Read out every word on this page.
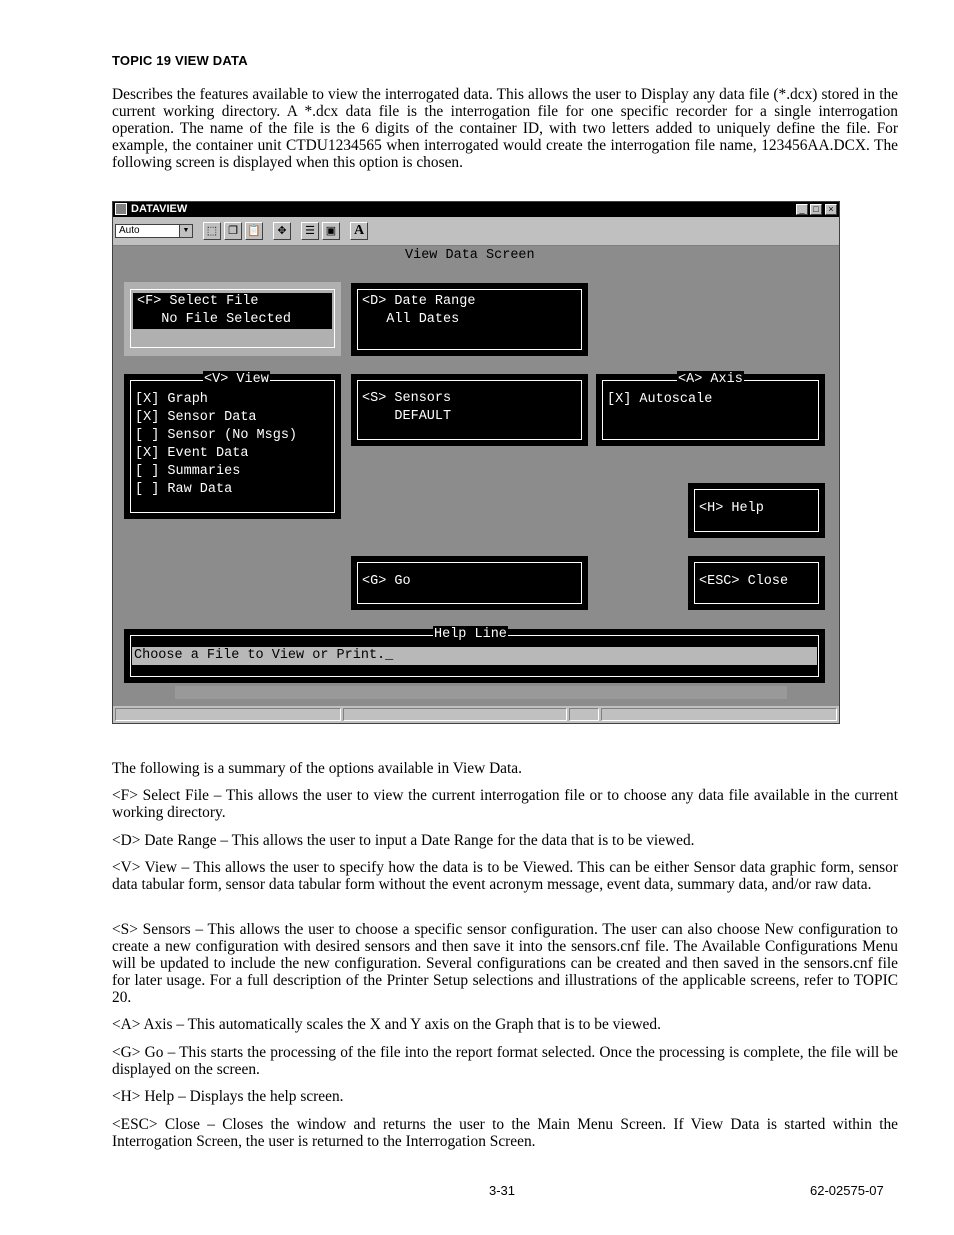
TOPIC 19 VIEW DATA

Describes the features available to view the interrogated data. This allows the user to Display any data file (*.dcx) stored in the current working directory. A *.dcx data file is the interrogation file for one specific recorder for a single interrogation operation. The name of the file is the 6 digits of the container ID, with two letters added to uniquely define the file. For example, the container unit CTDU1234565 when interrogated would create the interrogation file name, 123456AA.DCX. The following screen is displayed when this option is chosen.

DATAVIEW	_ □	×
Auto	▼	⬚ ❐ 📋	✥	☰ ▣ A
View Data Screen
<F> Select File
No File Selected
<D> Date Range
All Dates
<V> View
[X] Graph
[X] Sensor Data
[ ] Sensor (No Msgs)
[X] Event Data
[ ] Summaries
[ ] Raw Data
<S> Sensors
DEFAULT
<A> Axis
[X] Autoscale
<H> Help
<G> Go	<ESC> Close
Help Line
Choose a File to View or Print._

The following is a summary of the options available in View Data.

<F> Select File – This allows the user to view the current interrogation file or to choose any data file available in the current working directory.

<D> Date Range – This allows the user to input a Date Range for the data that is to be viewed.

<V> View – This allows the user to specify how the data is to be Viewed. This can be either Sensor data graphic form, sensor data tabular form, sensor data tabular form without the event acronym message, event data, summary data, and/or raw data.

<S> Sensors – This allows the user to choose a specific sensor configuration. The user can also choose New configuration to create a new configuration with desired sensors and then save it into the sensors.cnf file. The Available Configurations Menu will be updated to include the new configuration. Several configurations can be created and then saved in the sensors.cnf file for later usage. For a full description of the Printer Setup selections and illustrations of the applicable screens, refer to TOPIC 20.

<A> Axis – This automatically scales the X and Y axis on the Graph that is to be viewed.

<G> Go – This starts the processing of the file into the report format selected. Once the processing is complete, the file will be displayed on the screen.

<H> Help – Displays the help screen.

<ESC> Close – Closes the window and returns the user to the Main Menu Screen. If View Data is started within the Interrogation Screen, the user is returned to the Interrogation Screen.

3-31	62-02575-07
